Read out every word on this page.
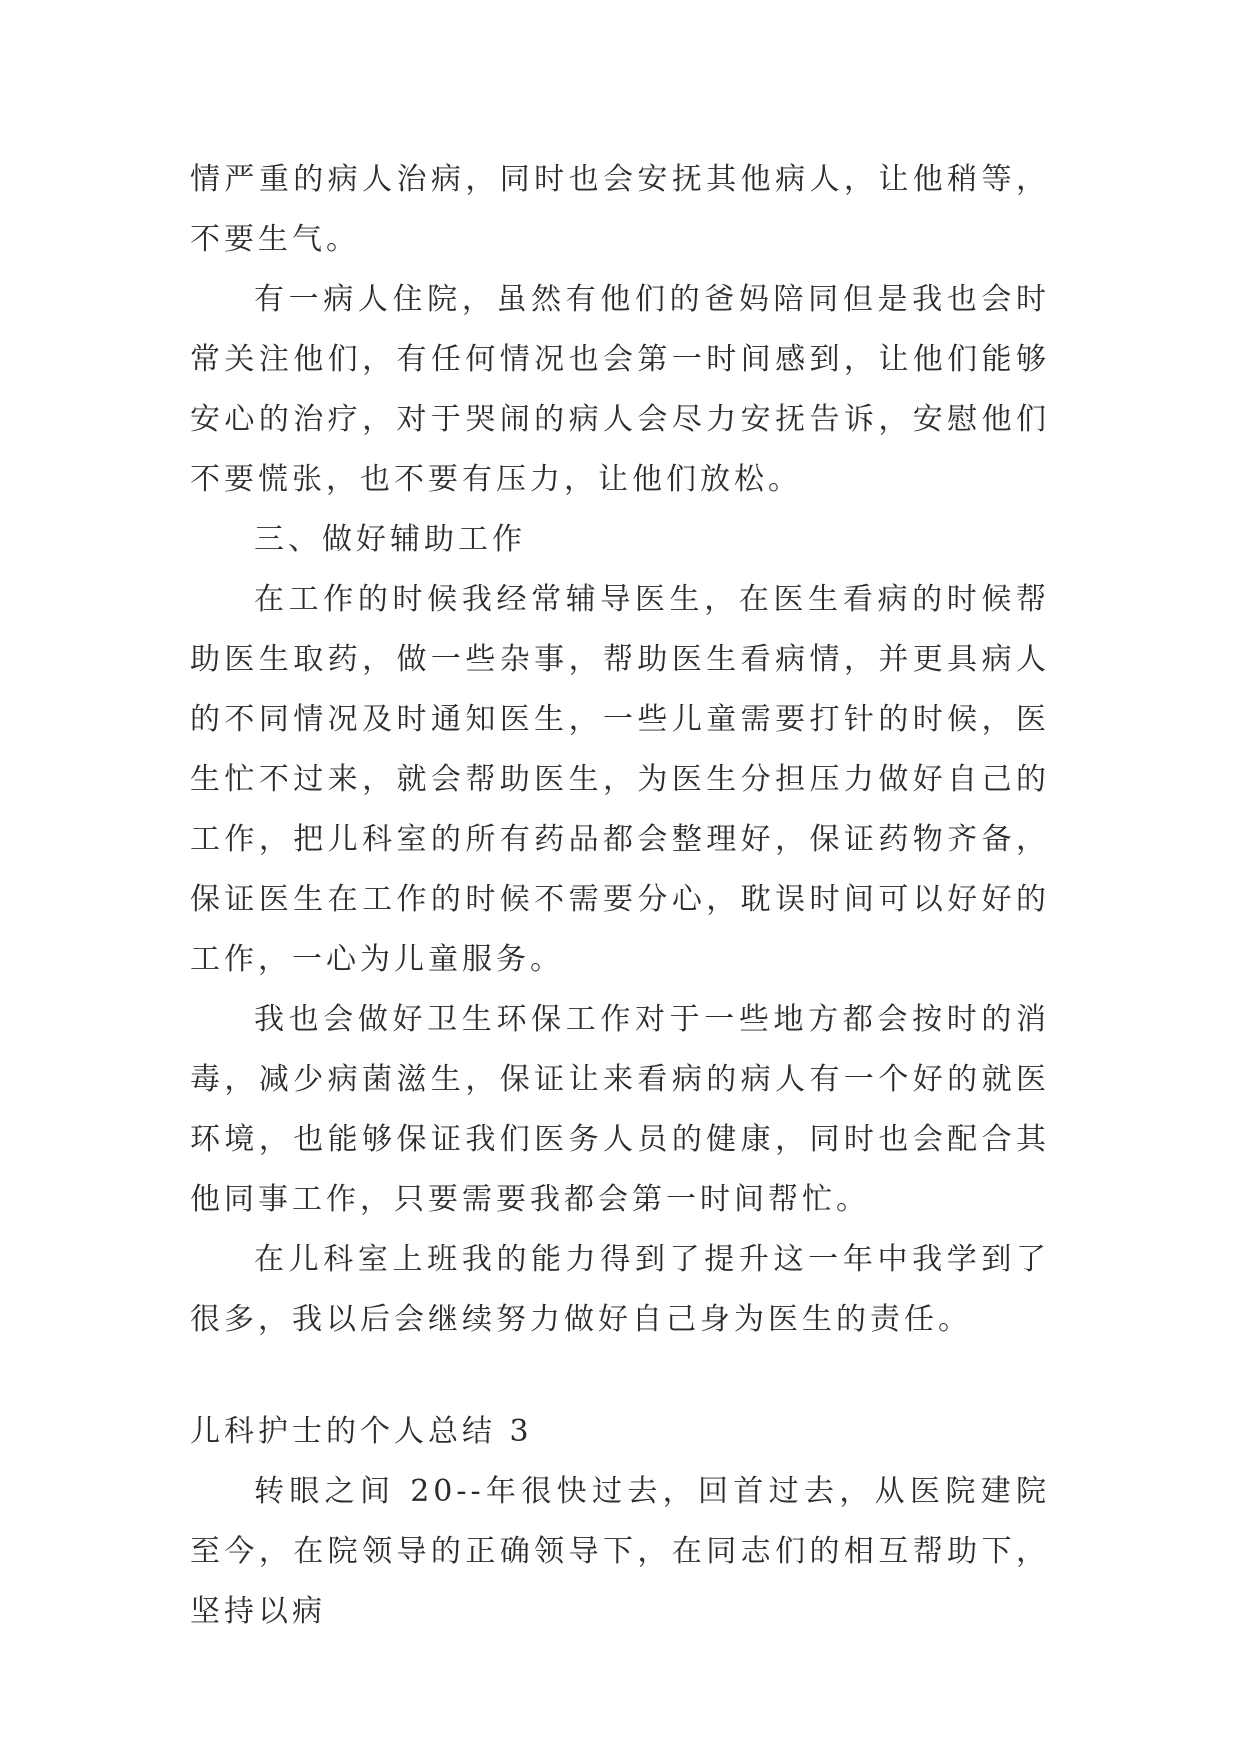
情严重的病人治病，同时也会安抚其他病人，让他稍等，不要生气。

有一病人住院，虽然有他们的爸妈陪同但是我也会时常关注他们，有任何情况也会第一时间感到，让他们能够安心的治疗，对于哭闹的病人会尽力安抚告诉，安慰他们不要慌张，也不要有压力，让他们放松。

三、做好辅助工作

在工作的时候我经常辅导医生，在医生看病的时候帮助医生取药，做一些杂事，帮助医生看病情，并更具病人的不同情况及时通知医生，一些儿童需要打针的时候，医生忙不过来，就会帮助医生，为医生分担压力做好自己的工作，把儿科室的所有药品都会整理好，保证药物齐备，保证医生在工作的时候不需要分心，耽误时间可以好好的工作，一心为儿童服务。

我也会做好卫生环保工作对于一些地方都会按时的消毒，减少病菌滋生，保证让来看病的病人有一个好的就医环境，也能够保证我们医务人员的健康，同时也会配合其他同事工作，只要需要我都会第一时间帮忙。

在儿科室上班我的能力得到了提升这一年中我学到了很多，我以后会继续努力做好自己身为医生的责任。

儿科护士的个人总结 3

转眼之间 20--年很快过去，回首过去，从医院建院至今，在院领导的正确领导下，在同志们的相互帮助下，坚持以病
